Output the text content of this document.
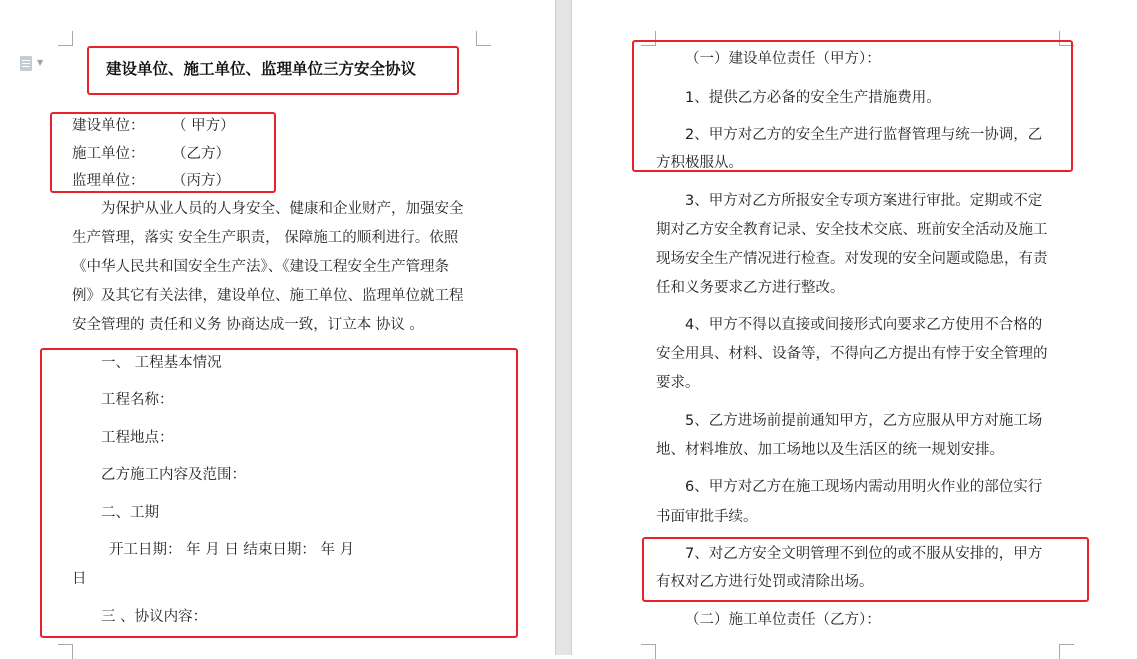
▼	建设单位、施工单位、监理单位三方安全协议
建设单位： （ 甲方）
施工单位： （乙方）
监理单位： （丙方）
为保护从业人员的人身安全、健康和企业财产，加强安全
生产管理，落实 安全生产职责， 保障施工的顺利进行。依照
《中华人民共和国安全生产法》、《建设工程安全生产管理条
例》及其它有关法律，建设单位、施工单位、监理单位就工程
安全管理的 责任和义务 协商达成一致，订立本 协议 。
一、 工程基本情况
工程名称：
工程地点：
乙方施工内容及范围：
二、工期
开工日期： 年 月 日 结束日期： 年 月
日
三 、协议内容：
（一）建设单位责任（甲方）：
1、提供乙方必备的安全生产措施费用。
2、甲方对乙方的安全生产进行监督管理与统一协调，乙
方积极服从。
3、甲方对乙方所报安全专项方案进行审批。定期或不定
期对乙方安全教育记录、安全技术交底、班前安全活动及施工
现场安全生产情况进行检查。对发现的安全问题或隐患，有责
任和义务要求乙方进行整改。
4、甲方不得以直接或间接形式向要求乙方使用不合格的
安全用具、材料、设备等，不得向乙方提出有悖于安全管理的
要求。
5、乙方进场前提前通知甲方，乙方应服从甲方对施工场
地、材料堆放、加工场地以及生活区的统一规划安排。
6、甲方对乙方在施工现场内需动用明火作业的部位实行
书面审批手续。
7、对乙方安全文明管理不到位的或不服从安排的，甲方
有权对乙方进行处罚或清除出场。
（二）施工单位责任（乙方）：
